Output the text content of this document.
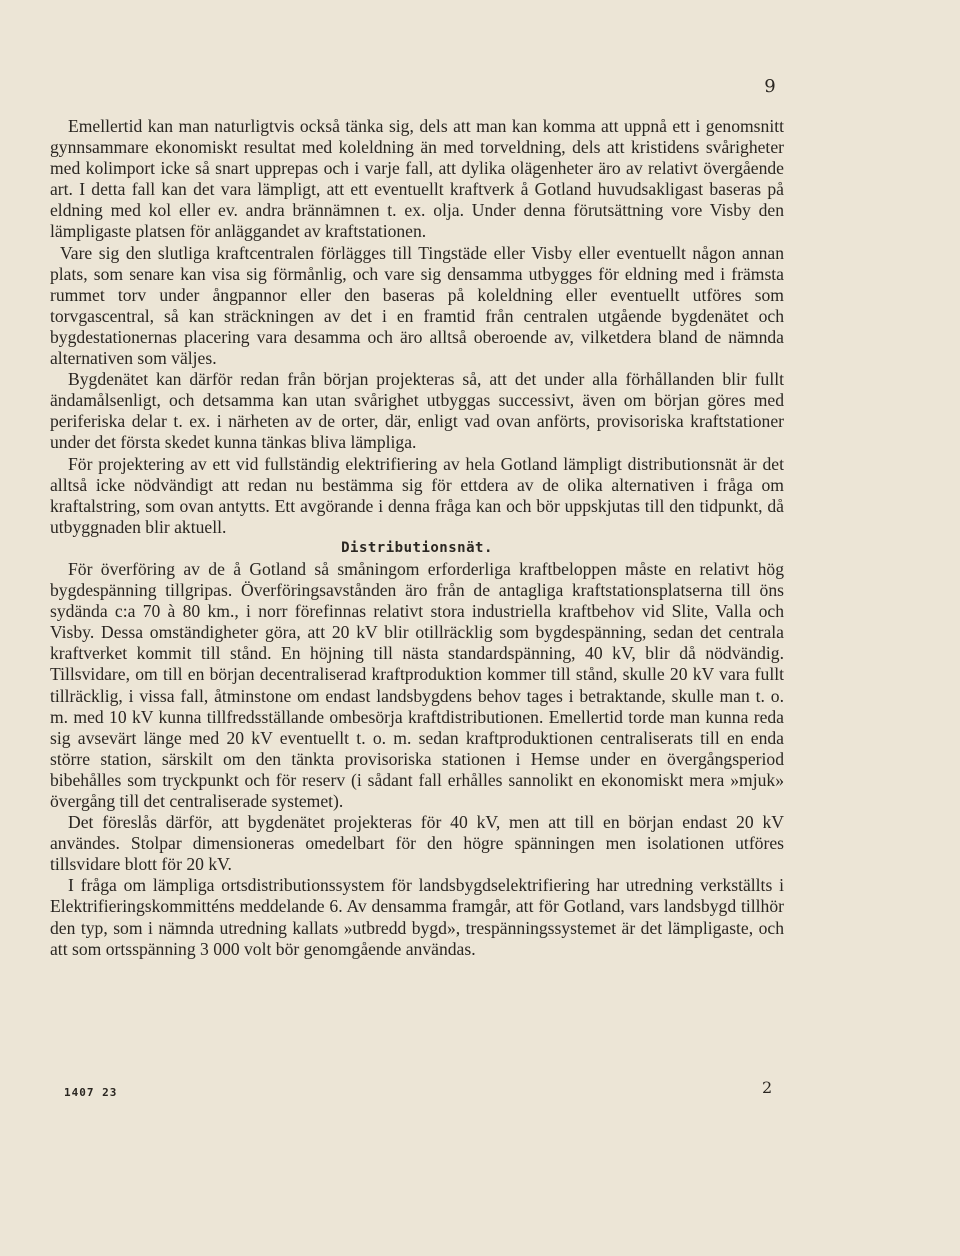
9

Emellertid kan man naturligtvis också tänka sig, dels att man kan komma att uppnå ett i genomsnitt gynnsammare ekonomiskt resultat med koleldning än med torveldning, dels att kristidens svårigheter med kolimport icke så snart upprepas och i varje fall, att dylika olägenheter äro av relativt övergående art. I detta fall kan det vara lämpligt, att ett eventuellt kraftverk å Gotland huvudsakligast baseras på eldning med kol eller ev. andra brännämnen t. ex. olja. Under denna förutsättning vore Visby den lämpligaste platsen för anläggandet av kraftstationen.

Vare sig den slutliga kraftcentralen förlägges till Tingstäde eller Visby eller eventuellt någon annan plats, som senare kan visa sig förmånlig, och vare sig densamma utbygges för eldning med i främsta rummet torv under ångpannor eller den baseras på koleldning eller eventuellt utföres som torvgascentral, så kan sträckningen av det i en framtid från centralen utgående bygdenätet och bygdestationernas placering vara desamma och äro alltså oberoende av, vilketdera bland de nämnda alternativen som väljes.

Bygdenätet kan därför redan från början projekteras så, att det under alla förhållanden blir fullt ändamålsenligt, och detsamma kan utan svårighet utbyggas successivt, även om början göres med periferiska delar t. ex. i närheten av de orter, där, enligt vad ovan anförts, provisoriska kraftstationer under det första skedet kunna tänkas bliva lämpliga.

För projektering av ett vid fullständig elektrifiering av hela Gotland lämpligt distributionsnät är det alltså icke nödvändigt att redan nu bestämma sig för ettdera av de olika alternativen i fråga om kraftalstring, som ovan antytts. Ett avgörande i denna fråga kan och bör uppskjutas till den tidpunkt, då utbyggnaden blir aktuell.

Distributionsnät.

För överföring av de å Gotland så småningom erforderliga kraftbeloppen måste en relativt hög bygdespänning tillgripas. Överföringsavstånden äro från de antagliga kraftstationsplatserna till öns sydända c:a 70 à 80 km., i norr förefinnas relativt stora industriella kraftbehov vid Slite, Valla och Visby. Dessa omständigheter göra, att 20 kV blir otillräcklig som bygdespänning, sedan det centrala kraftverket kommit till stånd. En höjning till nästa standardspänning, 40 kV, blir då nödvändig. Tillsvidare, om till en början decentraliserad kraftproduktion kommer till stånd, skulle 20 kV vara fullt tillräcklig, i vissa fall, åtminstone om endast landsbygdens behov tages i betraktande, skulle man t. o. m. med 10 kV kunna tillfredsställande ombesörja kraftdistributionen. Emellertid torde man kunna reda sig avsevärt länge med 20 kV eventuellt t. o. m. sedan kraftproduktionen centraliserats till en enda större station, särskilt om den tänkta provisoriska stationen i Hemse under en övergångsperiod bibehålles som tryckpunkt och för reserv (i sådant fall erhålles sannolikt en ekonomiskt mera »mjuk» övergång till det centraliserade systemet).

Det föreslås därför, att bygdenätet projekteras för 40 kV, men att till en början endast 20 kV användes. Stolpar dimensioneras omedelbart för den högre spänningen men isolationen utföres tillsvidare blott för 20 kV.

I fråga om lämpliga ortsdistributionssystem för landsbygdselektrifiering har utredning verkställts i Elektrifieringskommitténs meddelande 6. Av densamma framgår, att för Gotland, vars landsbygd tillhör den typ, som i nämnda utredning kallats »utbredd bygd», trespänningssystemet är det lämpligaste, och att som ortsspänning 3 000 volt bör genomgående användas.

1407 23	2
